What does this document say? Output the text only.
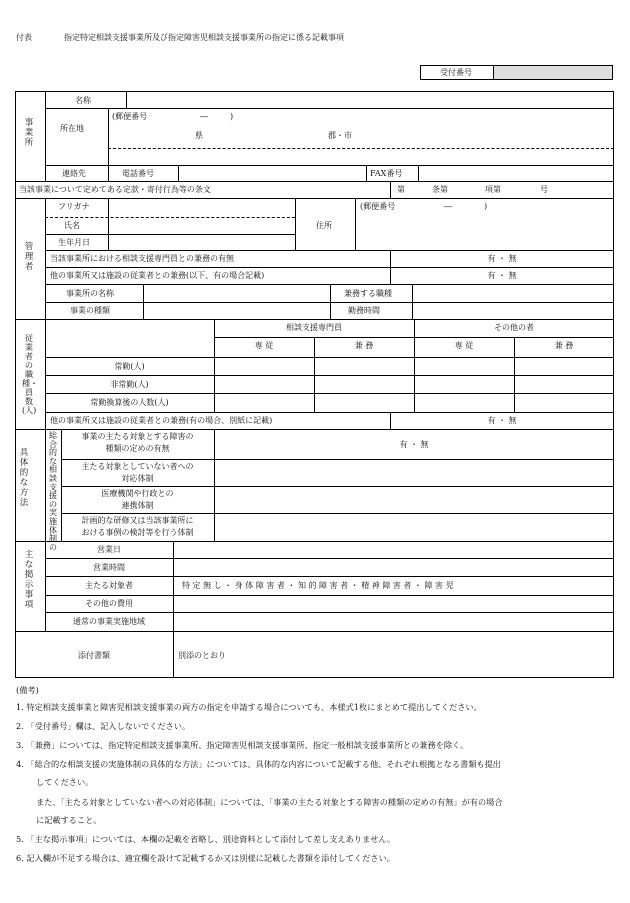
付表	指定特定相談支援事業所及び指定障害児相談支援事業所の指定に係る記載事項
受付番号
事業所
名称
所在地
(郵便番号	―	)
県	郡・市
連絡先	電話番号	FAX番号
当該事業について定めてある定款・寄付行為等の条文	第	条第	項第	号
管理者
フリガナ
氏名
生年月日
住所
(郵便番号	―	)
当該事業所における相談支援専門員との兼務の有無	有 ・ 無
他の事業所又は施設の従業者との兼務(以下、有の場合記載)	有 ・ 無
事業所の名称	兼務する職種
事業の種類	勤務時間
従業者の職種・員数(人)
相談支援専門員	その他の者
専 従	兼 務	専 従	兼 務
常勤(人)
非常勤(人)
常勤換算後の人数(人)
他の事業所又は施設の従業者との兼務(有の場合、別紙に記載)	有 ・ 無
具体的な方法
総合的な相談支援の実施体制の
事業の主たる対象とする障害の
種類の定めの有無	有 ・ 無
主たる対象としていない者への
対応体制
医療機関や行政との
連携体制
計画的な研修又は当該事業所に
おける事例の検討等を行う体制
主な掲示事項
営業日
営業時間
主たる対象者	特 定 無 し ・ 身 体 障 害 者 ・ 知 的 障 害 者 ・ 精 神 障 害 者 ・ 障 害 児
その他の費用
通常の事業実施地域
添付書類	別添のとおり
(備考)
1. 特定相談支援事業と障害児相談支援事業の両方の指定を申請する場合についても、本様式1枚にまとめて提出してください。
2. 「受付番号」欄は、記入しないでください。
3. 「兼務」については、指定特定相談支援事業所、指定障害児相談支援事業所、指定一般相談支援事業所との兼務を除く。
4. 「総合的な相談支援の実施体制の具体的な方法」については、具体的な内容について記載する他、それぞれ根拠となる書類も提出
してください。
また、「主たる対象としていない者への対応体制」については、「事業の主たる対象とする障害の種類の定めの有無」が有の場合
に記載すること。
5. 「主な掲示事項」については、本欄の記載を省略し、別途資料として添付して差し支えありません。
6. 記入欄が不足する場合は、適宜欄を設けて記載するか又は別様に記載した書類を添付してください。
